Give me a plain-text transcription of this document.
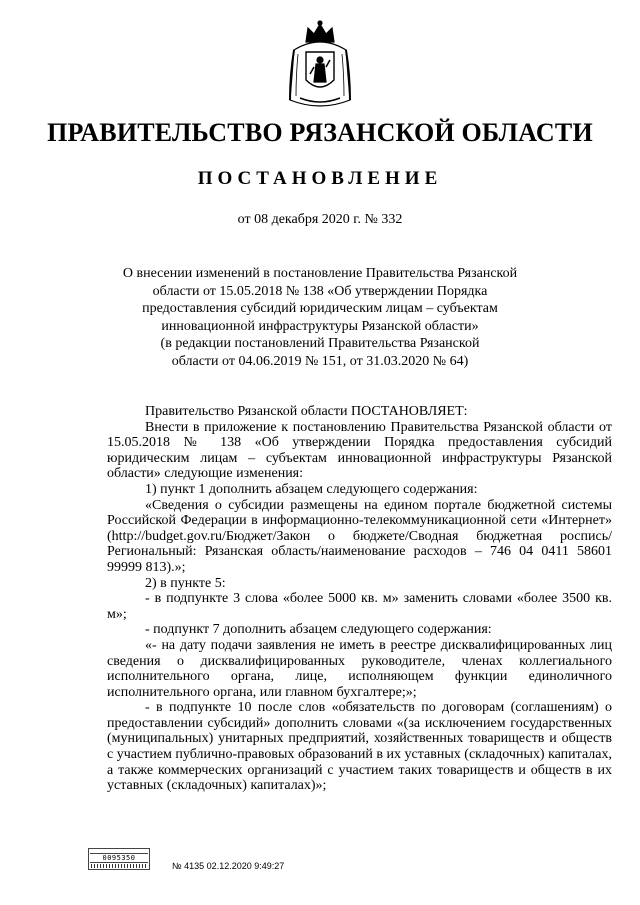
ПРАВИТЕЛЬСТВО РЯЗАНСКОЙ ОБЛАСТИ
ПОСТАНОВЛЕНИЕ
от 08 декабря 2020 г. № 332
О внесении изменений в постановление Правительства Рязанской
области от 15.05.2018 № 138 «Об утверждении Порядка
предоставления субсидий юридическим лицам – субъектам
инновационной инфраструктуры Рязанской области»
(в редакции постановлений Правительства Рязанской
области от 04.06.2019 № 151, от 31.03.2020 № 64)

Правительство Рязанской области ПОСТАНОВЛЯЕТ:

Внести в приложение к постановлению Правительства Рязанской области от 15.05.2018 № 138 «Об утверждении Порядка предоставления субсидий юридическим лицам – субъектам инновационной инфраструктуры Рязанской области» следующие изменения:

1) пункт 1 дополнить абзацем следующего содержания:

«Сведения о субсидии размещены на едином портале бюджетной системы Российской Федерации в информационно-телекоммуникационной сети «Интернет» (http://budget.gov.ru/Бюджет/Закон о бюджете/Сводная бюджетная роспись/Региональный: Рязанская область/наименование расходов – 746 04 0411 58601 99999 813).»;

2) в пункте 5:

- в подпункте 3 слова «более 5000 кв. м» заменить словами «более 3500 кв. м»;

- подпункт 7 дополнить абзацем следующего содержания:

«- на дату подачи заявления не иметь в реестре дисквалифицированных лиц сведения о дисквалифицированных руководителе, членах коллегиального исполнительного органа, лице, исполняющем функции единоличного исполнительного органа, или главном бухгалтере;»;

- в подпункте 10 после слов «обязательств по договорам (соглашениям) о предоставлении субсидий» дополнить словами «(за исключением государственных (муниципальных) унитарных предприятий, хозяйственных товариществ и обществ с участием публично-правовых образований в их уставных (складочных) капиталах, а также коммерческих организаций с участием таких товариществ и обществ в их уставных (складочных) капиталах)»;

0095350
№ 4135 02.12.2020 9:49:27
